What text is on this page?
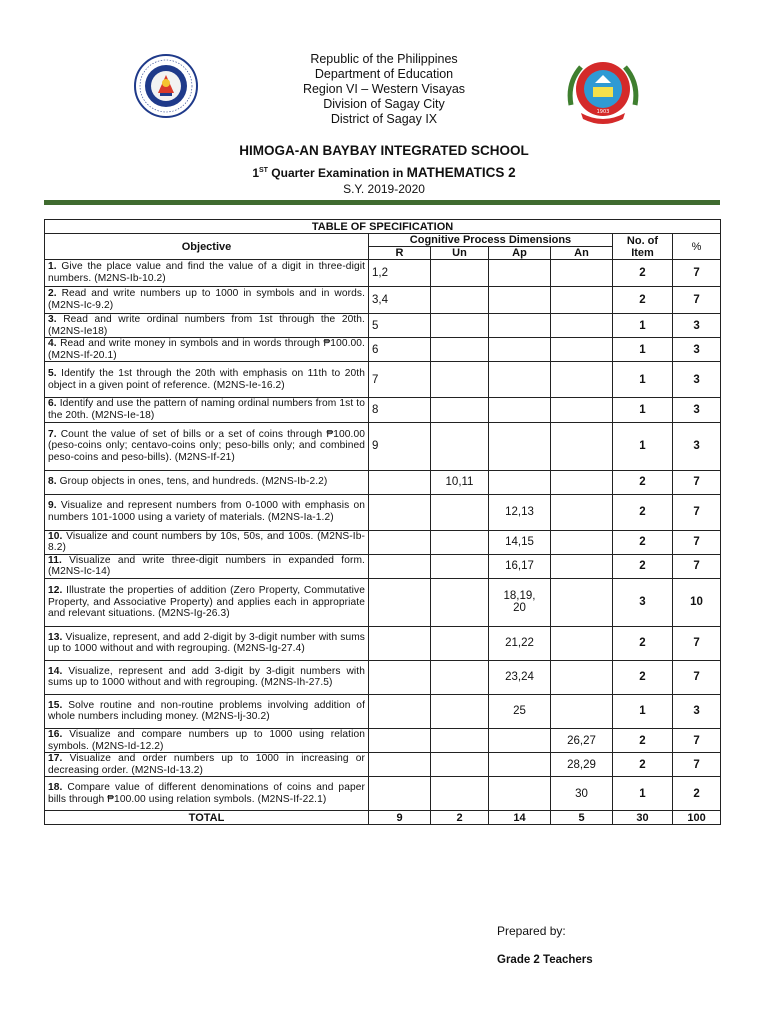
1903
Republic of the Philippines
Department of Education
Region VI – Western Visayas
Division of Sagay City
District of Sagay IX
HIMOGA-AN BAYBAY INTEGRATED SCHOOL
1ST Quarter Examination in MATHEMATICS 2
S.Y. 2019-2020
TABLE OF SPECIFICATION						
Objective	Cognitive Process Dimensions				No. of Item	%
	R	Un	Ap	An		
1. Give the place value and find the value of a digit in three-digit numbers. (M2NS-Ib-10.2)	1,2				2	7
2. Read and write numbers up to 1000 in symbols and in words. (M2NS-Ic-9.2)	3,4				2	7
3. Read and write ordinal numbers from 1st through the 20th. (M2NS-Ie18)	5				1	3
4. Read and write money in symbols and in words through ₱100.00. (M2NS-If-20.1)	6				1	3
5. Identify the 1st through the 20th with emphasis on 11th to 20th object in a given point of reference. (M2NS-Ie-16.2)	7				1	3
6. Identify and use the pattern of naming ordinal numbers from 1st to the 20th. (M2NS-Ie-18)	8				1	3
7. Count the value of set of bills or a set of coins through ₱100.00 (peso-coins only; centavo-coins only; peso-bills only; and combined peso-coins and peso-bills). (M2NS-If-21)	9				1	3
8. Group objects in ones, tens, and hundreds. (M2NS-Ib-2.2)		10,11			2	7
9. Visualize and represent numbers from 0-1000 with emphasis on numbers 101-1000 using a variety of materials. (M2NS-Ia-1.2)			12,13		2	7
10. Visualize and count numbers by 10s, 50s, and 100s. (M2NS-Ib-8.2)			14,15		2	7
11. Visualize and write three-digit numbers in expanded form. (M2NS-Ic-14)			16,17		2	7
12. Illustrate the properties of addition (Zero Property, Commutative Property, and Associative Property) and applies each in appropriate and relevant situations. (M2NS-Ig-26.3)			18,19,
20		3	10
13. Visualize, represent, and add 2-digit by 3-digit number with sums up to 1000 without and with regrouping. (M2NS-Ig-27.4)			21,22		2	7
14. Visualize, represent and add 3-digit by 3-digit numbers with sums up to 1000 without and with regrouping. (M2NS-Ih-27.5)			23,24		2	7
15. Solve routine and non-routine problems involving addition of whole numbers including money. (M2NS-Ij-30.2)			25		1	3
16. Visualize and compare numbers up to 1000 using relation symbols. (M2NS-Id-12.2)				26,27	2	7
17. Visualize and order numbers up to 1000 in increasing or decreasing order. (M2NS-Id-13.2)				28,29	2	7
18. Compare value of different denominations of coins and paper bills through ₱100.00 using relation symbols. (M2NS-If-22.1)				30	1	2
TOTAL	9	2	14	5	30	100
Prepared by:
Grade 2 Teachers
